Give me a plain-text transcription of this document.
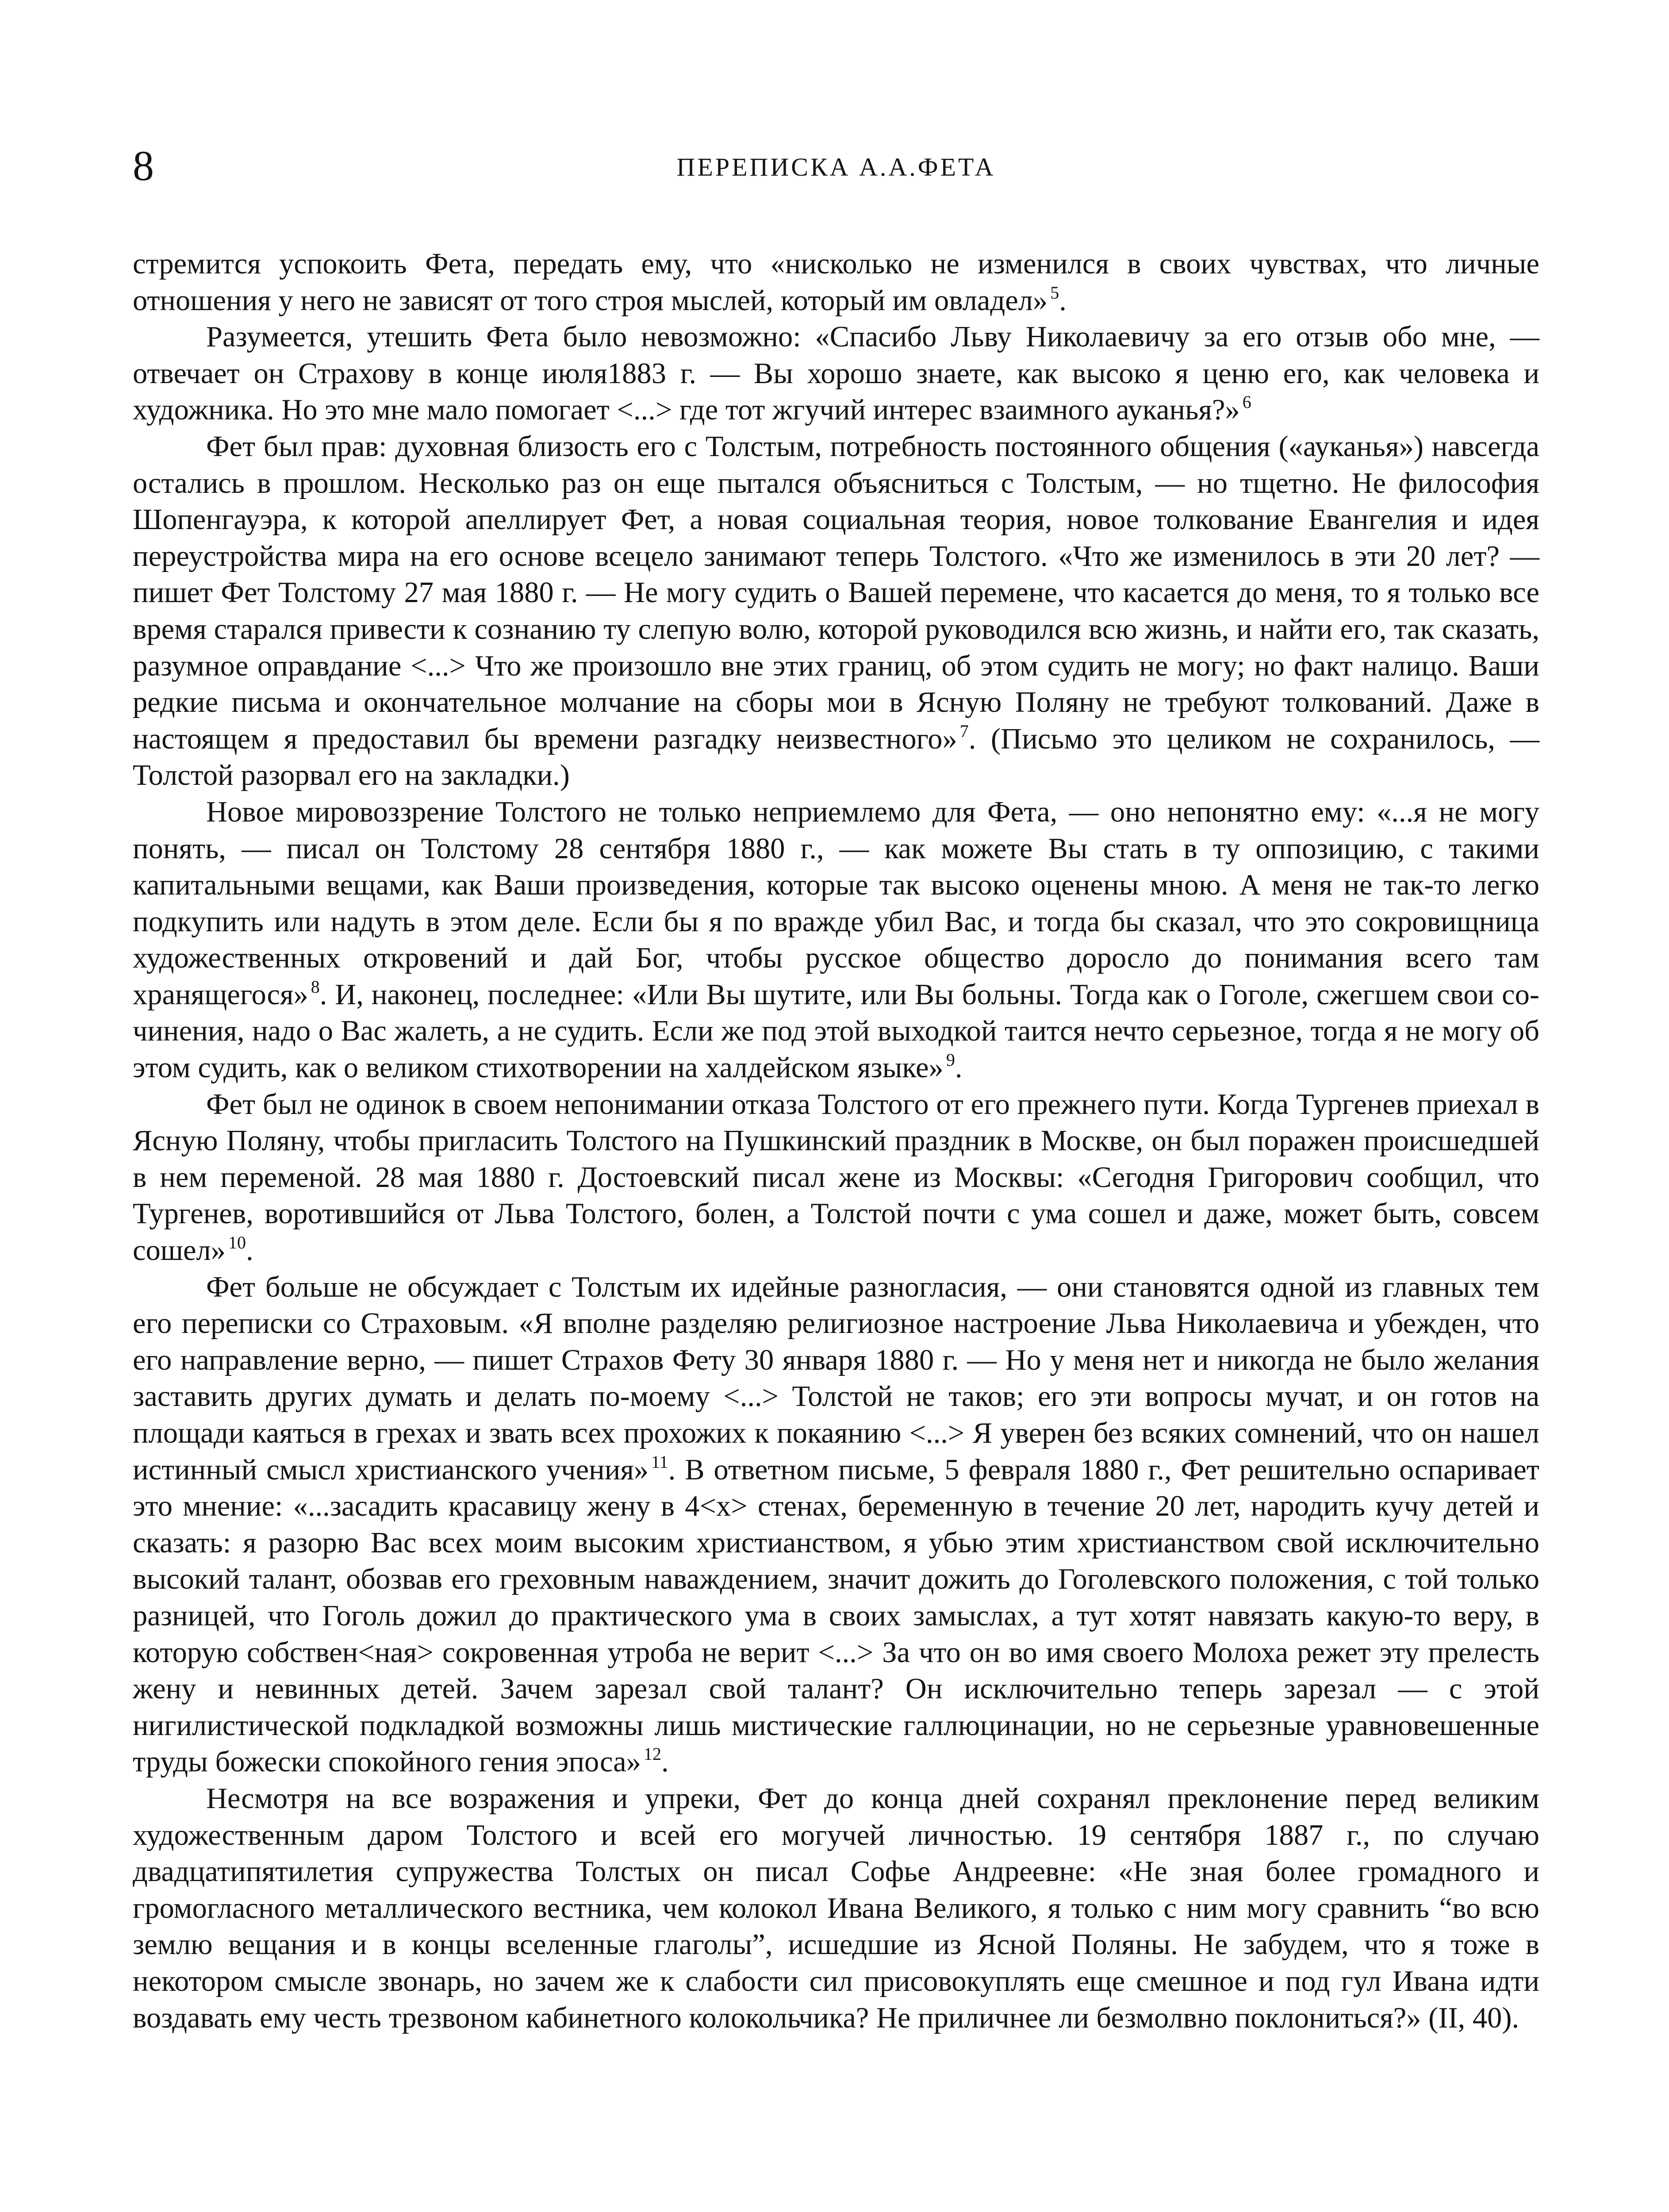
8	ПЕРЕПИСКА А.А.ФЕТА

стремится успокоить Фета, передать ему, что «нисколько не изменился в своих чувствах, что личные отношения у него не зависят от того строя мыслей, который им овладел» $^5$.

Разумеется, утешить Фета было невозможно: «Спасибо Льву Николаевичу за его отзыв обо мне, — отвечает он Страхову в конце июля1883 г. — Вы хорошо знаете, как высоко я ценю его, как человека и художника. Но это мне мало помогает <...> где тот жгучий интерес взаимного ауканья?» $^6$

Фет был прав: духовная близость его с Толстым, потребность постоянного общения («ауканья») навсегда остались в прошлом. Несколько раз он еще пытался объясниться с Толстым, — но тщетно. Не философия Шопенгауэра, к которой апеллирует Фет, а новая социальная теория, новое толкование Евангелия и идея переустройства мира на его основе всецело занимают теперь Толстого. «Что же изменилось в эти 20 лет? — пишет Фет Толстому 27 мая 1880 г. — Не могу судить о Вашей перемене, что касается до меня, то я только все время старался привести к сознанию ту слепую волю, которой руководился всю жизнь, и найти его, так сказать, разумное оправдание <...> Что же произошло вне этих границ, об этом судить не могу; но факт налицо. Ваши редкие письма и окончательное молчание на сборы мои в Ясную Поляну не требуют толкований. Даже в настоящем я предоставил бы времени разгадку неизвестного» $^7$. (Письмо это целиком не сохранилось, — Толстой разорвал его на закладки.)

Новое мировоззрение Толстого не только неприемлемо для Фета, — оно непонятно ему: «...я не могу понять, — писал он Толстому 28 сентября 1880 г., — как можете Вы стать в ту оппозицию, с такими капитальными вещами, как Ваши произведения, которые так высоко оценены мною. А меня не так-то легко подкупить или надуть в этом деле. Если бы я по вражде убил Вас, и тогда бы сказал, что это сокровищница художественных откровений и дай Бог, чтобы русское общество доросло до понимания всего там хранящегося» $^8$. И, наконец, последнее: «Или Вы шутите, или Вы больны. Тогда как о Гоголе, сжегшем свои сочинения, надо о Вас жалеть, а не судить. Если же под этой выходкой таится нечто серьезное, тогда я не могу об этом судить, как о великом стихотворении на халдейском языке» $^9$.

Фет был не одинок в своем непонимании отказа Толстого от его прежнего пути. Когда Тургенев приехал в Ясную Поляну, чтобы пригласить Толстого на Пушкинский праздник в Москве, он был поражен происшедшей в нем переменой. 28 мая 1880 г. Достоевский писал жене из Москвы: «Сегодня Григорович сообщил, что Тургенев, воротившийся от Льва Толстого, болен, а Толстой почти с ума сошел и даже, может быть, совсем сошел» $^{10}$.

Фет больше не обсуждает с Толстым их идейные разногласия, — они становятся одной из главных тем его переписки со Страховым. «Я вполне разделяю религиозное настроение Льва Николаевича и убежден, что его направление верно, — пишет Страхов Фету 30 января 1880 г. — Но у меня нет и никогда не было желания заставить других думать и делать по-моему <...> Толстой не таков; его эти вопросы мучат, и он готов на площади каяться в грехах и звать всех прохожих к покаянию <...> Я уверен без всяких сомнений, что он нашел истинный смысл христианского учения» $^{11}$. В ответном письме, 5 февраля 1880 г., Фет решительно оспаривает это мнение: «...засадить красавицу жену в 4<х> стенах, беременную в течение 20 лет, народить кучу детей и сказать: я разорю Вас всех моим высоким христианством, я убью этим христианством свой исключительно высокий талант, обозвав его греховным наваждением, значит дожить до Гоголевского положения, с той только разницей, что Гоголь дожил до практического ума в своих замыслах, а тут хотят навязать какую-то веру, в которую собствен<ная> сокровенная утроба не верит <...> За что он во имя своего Молоха режет эту прелесть жену и невинных детей. Зачем зарезал свой талант? Он исключительно теперь зарезал — с этой нигилистической подкладкой возможны лишь мистические галлюцинации, но не серьезные уравновешенные труды божески спокойного гения эпоса» $^{12}$.

Несмотря на все возражения и упреки, Фет до конца дней сохранял преклонение перед великим художественным даром Толстого и всей его могучей личностью. 19 сентября 1887 г., по случаю двадцатипятилетия супружества Толстых он писал Софье Андреевне: «Не зная более громадного и громогласного металлического вестника, чем колокол Ивана Великого, я только с ним могу сравнить “во всю землю вещания и в концы вселенные глаголы”, исшедшие из Ясной Поляны. Не забудем, что я тоже в некотором смысле звонарь, но зачем же к слабости сил присовокуплять еще смешное и под гул Ивана идти воздавать ему честь трезвоном кабинетного колокольчика? Не приличнее ли безмолвно поклониться?» (II, 40).
